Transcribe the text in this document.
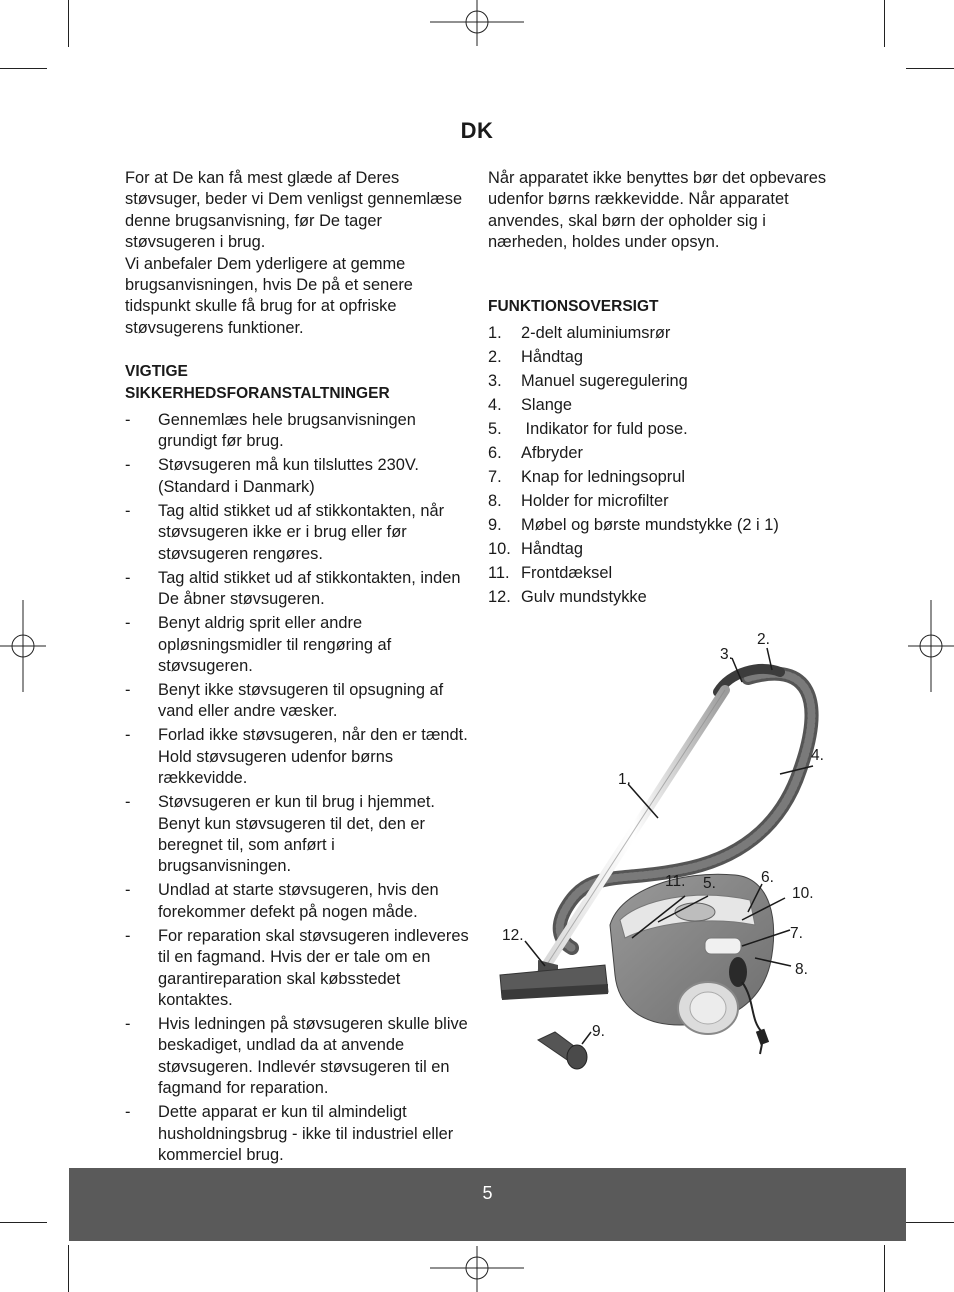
DK

For at De kan få mest glæde af Deres støvsuger, beder vi Dem venligst gennemlæse denne brugsanvisning, før De tager støvsugeren i brug.

Vi anbefaler Dem yderligere at gemme brugsanvisningen, hvis De på et senere tidspunkt skulle få brug for at opfriske støvsugerens funktioner.

VIGTIGE
SIKKERHEDSFORANSTALTNINGER
- Gennemlæs hele brugsanvisningen grundigt før brug.
- Støvsugeren må kun tilsluttes 230V. (Standard i Danmark)
- Tag altid stikket ud af stikkontakten, når støvsugeren ikke er i brug eller før støvsugeren rengøres.
- Tag altid stikket ud af stikkontakten, inden De åbner støvsugeren.
- Benyt aldrig sprit eller andre opløsningsmidler til rengøring af støvsugeren.
- Benyt ikke støvsugeren til opsugning af vand eller andre væsker.
- Forlad ikke støvsugeren, når den er tændt. Hold støvsugeren udenfor børns rækkevidde.
- Støvsugeren er kun til brug i hjemmet. Benyt kun støvsugeren til det, den er beregnet til, som anført i brugsanvisningen.
- Undlad at starte støvsugeren, hvis den forekommer defekt på nogen måde.
- For reparation skal støvsugeren indleveres til en fagmand. Hvis der er tale om en garantireparation skal købsstedet kontaktes.
- Hvis ledningen på støvsugeren skulle blive beskadiget, undlad da at anvende støvsugeren. Indlevér støvsugeren til en fagmand for reparation.
- Dette apparat er kun til almindeligt husholdningsbrug - ikke til industriel eller kommerciel brug.

Når apparatet ikke benyttes bør det opbevares udenfor børns rækkevidde. Når apparatet anvendes, skal børn der opholder sig i nærheden, holdes under opsyn.

FUNKTIONSOVERSIGT
1. 2-delt aluminiumsrør
2. Håndtag
3. Manuel sugeregulering
4. Slange
5. Indikator for fuld pose.
6. Afbryder
7. Knap for ledningsoprul
8. Holder for microfilter
9. Møbel og børste mundstykke (2 i 1)
10. Håndtag
11. Frontdæksel
12. Gulv mundstykke
1.
2.
3.
4.
5.	6.
7.
8.
9.
10.
11.
12.
5
